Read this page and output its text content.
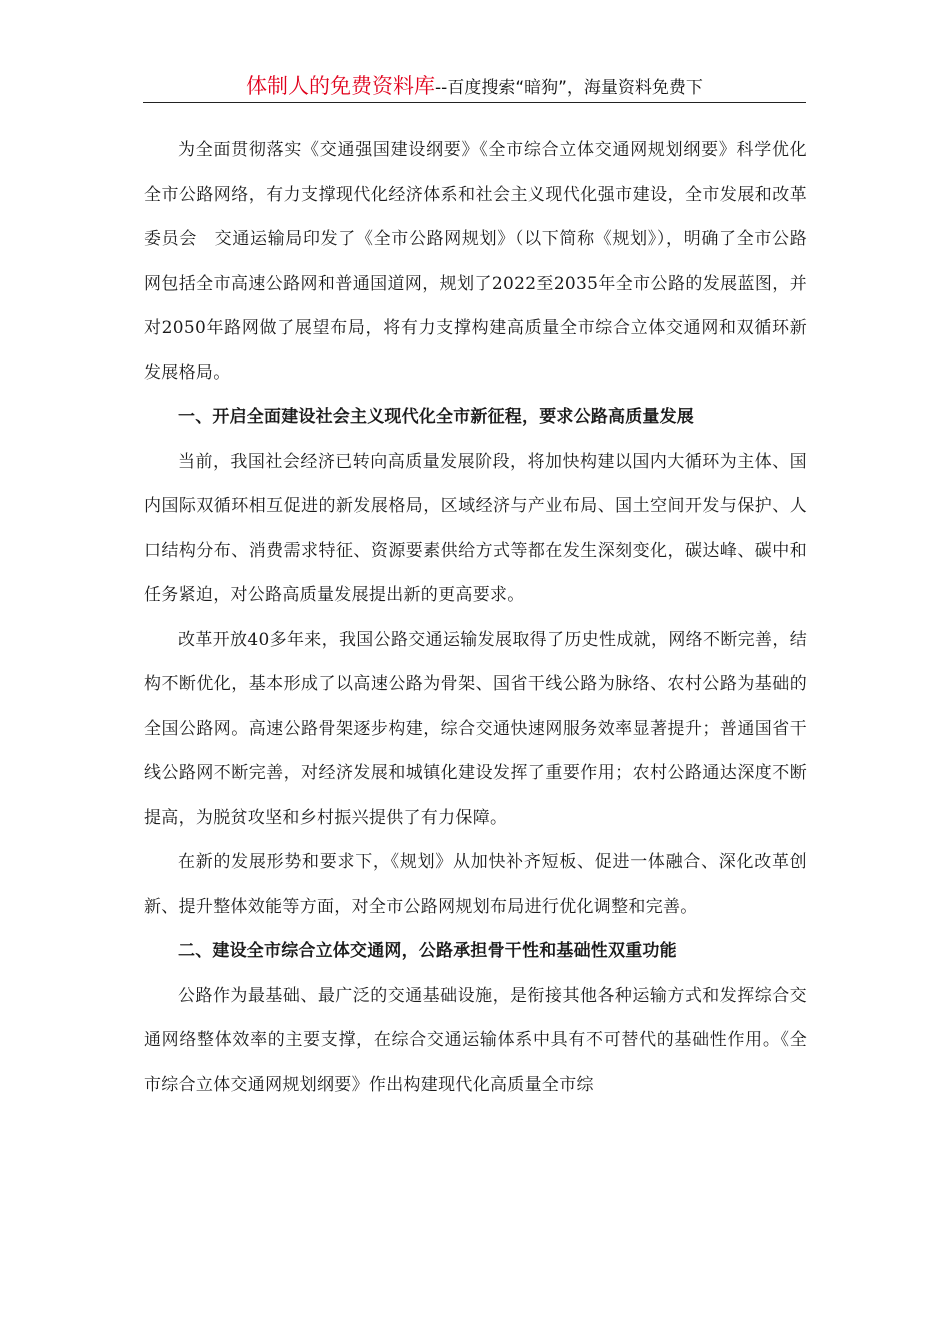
体制人的免费资料库--百度搜索“暗狗”，海量资料免费下

为全面贯彻落实《交通强国建设纲要》《全市综合立体交通网规划纲要》科学优化全市公路网络，有力支撑现代化经济体系和社会主义现代化强市建设，全市发展和改革委员会　交通运输局印发了《全市公路网规划》（以下简称《规划》），明确了全市公路网包括全市高速公路网和普通国道网，规划了2022至2035年全市公路的发展蓝图，并对2050年路网做了展望布局，将有力支撑构建高质量全市综合立体交通网和双循环新发展格局。

一、开启全面建设社会主义现代化全市新征程，要求公路高质量发展

当前，我国社会经济已转向高质量发展阶段，将加快构建以国内大循环为主体、国内国际双循环相互促进的新发展格局，区域经济与产业布局、国土空间开发与保护、人口结构分布、消费需求特征、资源要素供给方式等都在发生深刻变化，碳达峰、碳中和任务紧迫，对公路高质量发展提出新的更高要求。

改革开放40多年来，我国公路交通运输发展取得了历史性成就，网络不断完善，结构不断优化，基本形成了以高速公路为骨架、国省干线公路为脉络、农村公路为基础的全国公路网。高速公路骨架逐步构建，综合交通快速网服务效率显著提升；普通国省干线公路网不断完善，对经济发展和城镇化建设发挥了重要作用；农村公路通达深度不断提高，为脱贫攻坚和乡村振兴提供了有力保障。

在新的发展形势和要求下，《规划》从加快补齐短板、促进一体融合、深化改革创新、提升整体效能等方面，对全市公路网规划布局进行优化调整和完善。

二、建设全市综合立体交通网，公路承担骨干性和基础性双重功能

公路作为最基础、最广泛的交通基础设施，是衔接其他各种运输方式和发挥综合交通网络整体效率的主要支撑，在综合交通运输体系中具有不可替代的基础性作用。《全市综合立体交通网规划纲要》作出构建现代化高质量全市综
